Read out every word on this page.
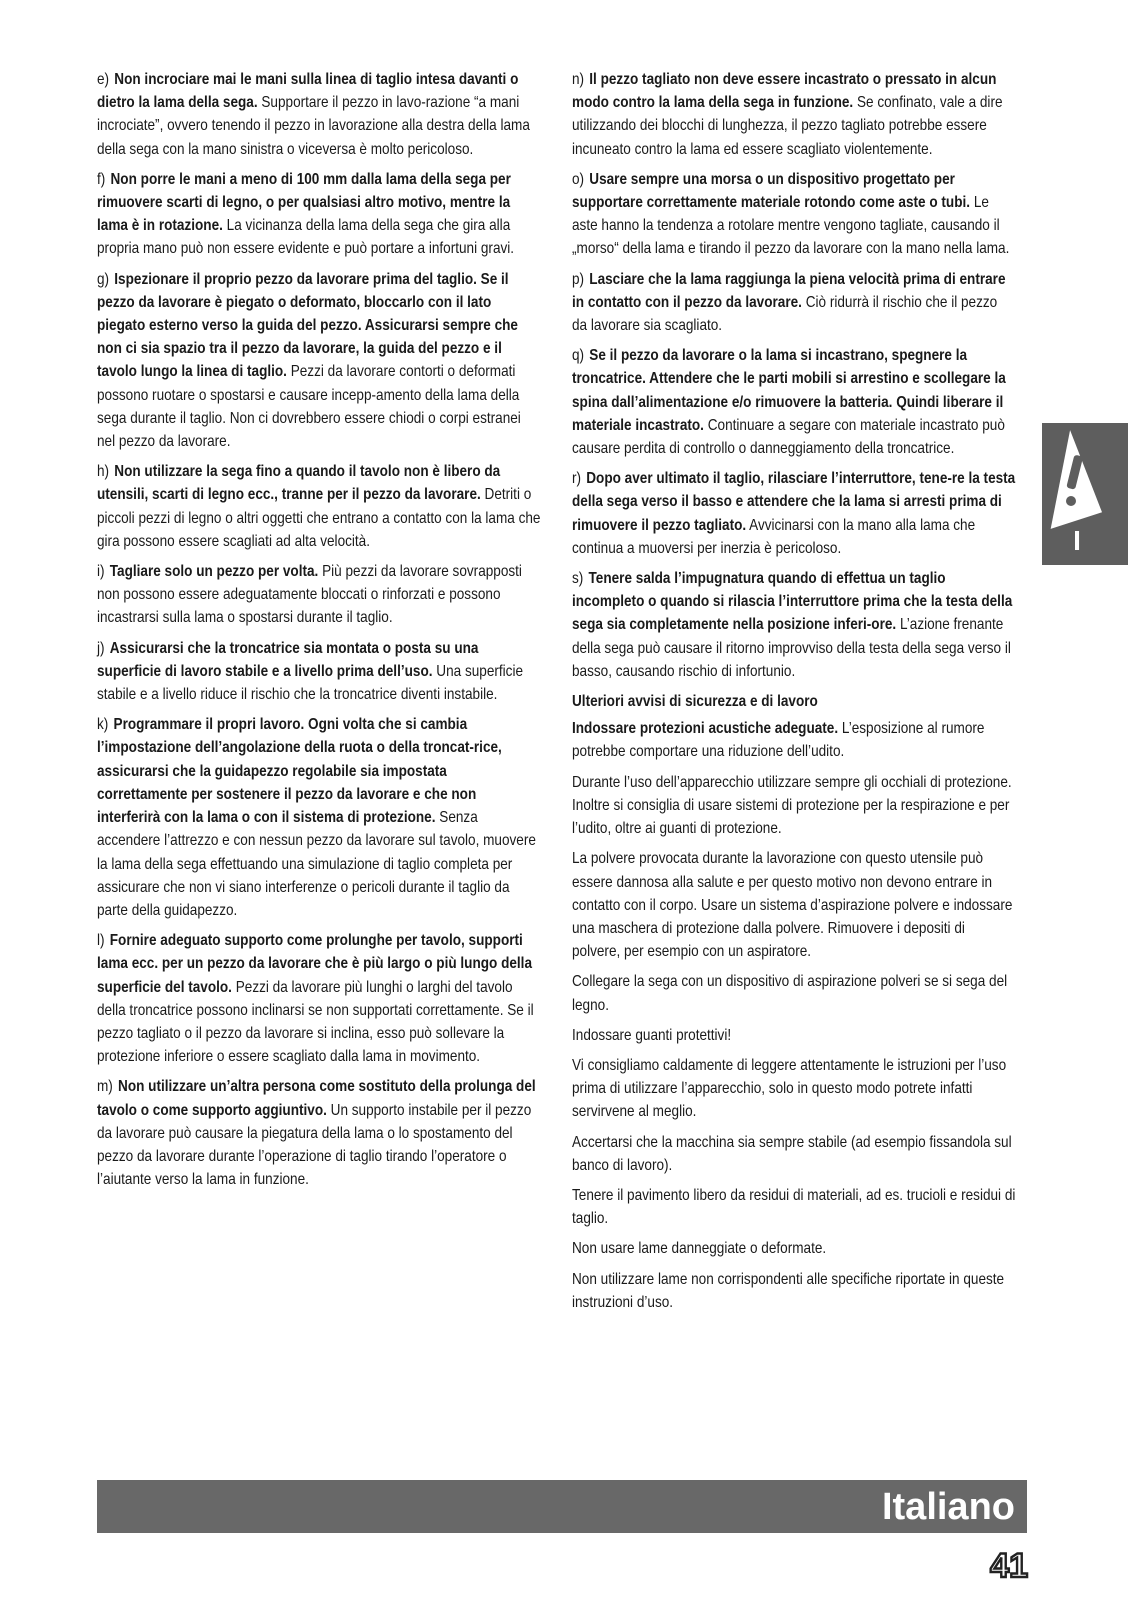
e) Non incrociare mai le mani sulla linea di taglio intesa davanti o dietro la lama della sega. Supportare il pezzo in lavo-razione “a mani incrociate”, ovvero tenendo il pezzo in lavorazione alla destra della lama della sega con la mano sinistra o viceversa è molto pericoloso.

f) Non porre le mani a meno di 100 mm dalla lama della sega per rimuovere scarti di legno, o per qualsiasi altro motivo, mentre la lama è in rotazione. La vicinanza della lama della sega che gira alla propria mano può non essere evidente e può portare a infortuni gravi.

g) Ispezionare il proprio pezzo da lavorare prima del taglio. Se il pezzo da lavorare è piegato o deformato, bloccarlo con il lato piegato esterno verso la guida del pezzo. Assicurarsi sempre che non ci sia spazio tra il pezzo da lavorare, la guida del pezzo e il tavolo lungo la linea di taglio. Pezzi da lavorare contorti o deformati possono ruotare o spostarsi e causare incepp-amento della lama della sega durante il taglio. Non ci dovrebbero essere chiodi o corpi estranei nel pezzo da lavorare.

h) Non utilizzare la sega fino a quando il tavolo non è libero da utensili, scarti di legno ecc., tranne per il pezzo da lavorare. Detriti o piccoli pezzi di legno o altri oggetti che entrano a contatto con la lama che gira possono essere scagliati ad alta velocità.

i) Tagliare solo un pezzo per volta. Più pezzi da lavorare sovrapposti non possono essere adeguatamente bloccati o rinforzati e possono incastrarsi sulla lama o spostarsi durante il taglio.

j) Assicurarsi che la troncatrice sia montata o posta su una superficie di lavoro stabile e a livello prima dell’uso. Una superficie stabile e a livello riduce il rischio che la troncatrice diventi instabile.

k) Programmare il propri lavoro. Ogni volta che si cambia l’impostazione dell’angolazione della ruota o della troncat-rice, assicurarsi che la guidapezzo regolabile sia impostata correttamente per sostenere il pezzo da lavorare e che non interferirà con la lama o con il sistema di protezione. Senza accendere l’attrezzo e con nessun pezzo da lavorare sul tavolo, muovere la lama della sega effettuando una simulazione di taglio completa per assicurare che non vi siano interferenze o pericoli durante il taglio da parte della guidapezzo.

l) Fornire adeguato supporto come prolunghe per tavolo, supporti lama ecc. per un pezzo da lavorare che è più largo o più lungo della superficie del tavolo. Pezzi da lavorare più lunghi o larghi del tavolo della troncatrice possono inclinarsi se non supportati correttamente. Se il pezzo tagliato o il pezzo da lavorare si inclina, esso può sollevare la protezione inferiore o essere scagliato dalla lama in movimento.

m) Non utilizzare un’altra persona come sostituto della prolunga del tavolo o come supporto aggiuntivo. Un supporto instabile per il pezzo da lavorare può causare la piegatura della lama o lo spostamento del pezzo da lavorare durante l’operazione di taglio tirando l’operatore o l’aiutante verso la lama in funzione.

n) Il pezzo tagliato non deve essere incastrato o pressato in alcun modo contro la lama della sega in funzione. Se confinato, vale a dire utilizzando dei blocchi di lunghezza, il pezzo tagliato potrebbe essere incuneato contro la lama ed essere scagliato violentemente.

o) Usare sempre una morsa o un dispositivo progettato per supportare correttamente materiale rotondo come aste o tubi. Le aste hanno la tendenza a rotolare mentre vengono tagliate, causando il „morso“ della lama e tirando il pezzo da lavorare con la mano nella lama.

p) Lasciare che la lama raggiunga la piena velocità prima di entrare in contatto con il pezzo da lavorare. Ciò ridurrà il rischio che il pezzo da lavorare sia scagliato.

q) Se il pezzo da lavorare o la lama si incastrano, spegnere la troncatrice. Attendere che le parti mobili si arrestino e scollegare la spina dall’alimentazione e/o rimuovere la batteria. Quindi liberare il materiale incastrato. Continuare a segare con materiale incastrato può causare perdita di controllo o danneggiamento della troncatrice.

r) Dopo aver ultimato il taglio, rilasciare l’interruttore, tene-re la testa della sega verso il basso e attendere che la lama si arresti prima di rimuovere il pezzo tagliato. Avvicinarsi con la mano alla lama che continua a muoversi per inerzia è pericoloso.

s) Tenere salda l’impugnatura quando di effettua un taglio incompleto o quando si rilascia l’interruttore prima che la testa della sega sia completamente nella posizione inferi-ore. L’azione frenante della sega può causare il ritorno improvviso della testa della sega verso il basso, causando rischio di infortunio.

Ulteriori avvisi di sicurezza e di lavoro

Indossare protezioni acustiche adeguate. L’esposizione al rumore potrebbe comportare una riduzione dell’udito.

Durante l’uso dell’apparecchio utilizzare sempre gli occhiali di protezione. Inoltre si consiglia di usare sistemi di protezione per la respirazione e per l’udito, oltre ai guanti di protezione.

La polvere provocata durante la lavorazione con questo utensile può essere dannosa alla salute e per questo motivo non devono entrare in contatto con il corpo. Usare un sistema d’aspirazione polvere e indossare una maschera di protezione dalla polvere. Rimuovere i depositi di polvere, per esempio con un aspiratore.

Collegare la sega con un dispositivo di aspirazione polveri se si sega del legno.

Indossare guanti protettivi!

Vi consigliamo caldamente di leggere attentamente le istruzioni per l’uso prima di utilizzare l’apparecchio, solo in questo modo potrete infatti servirvene al meglio.

Accertarsi che la macchina sia sempre stabile (ad esempio fissandola sul banco di lavoro).

Tenere il pavimento libero da residui di materiali, ad es. trucioli e residui di taglio.

Non usare lame danneggiate o deformate.

Non utilizzare lame non corrispondenti alle specifiche riportate in queste instruzioni d’uso.

I
Italiano
41
